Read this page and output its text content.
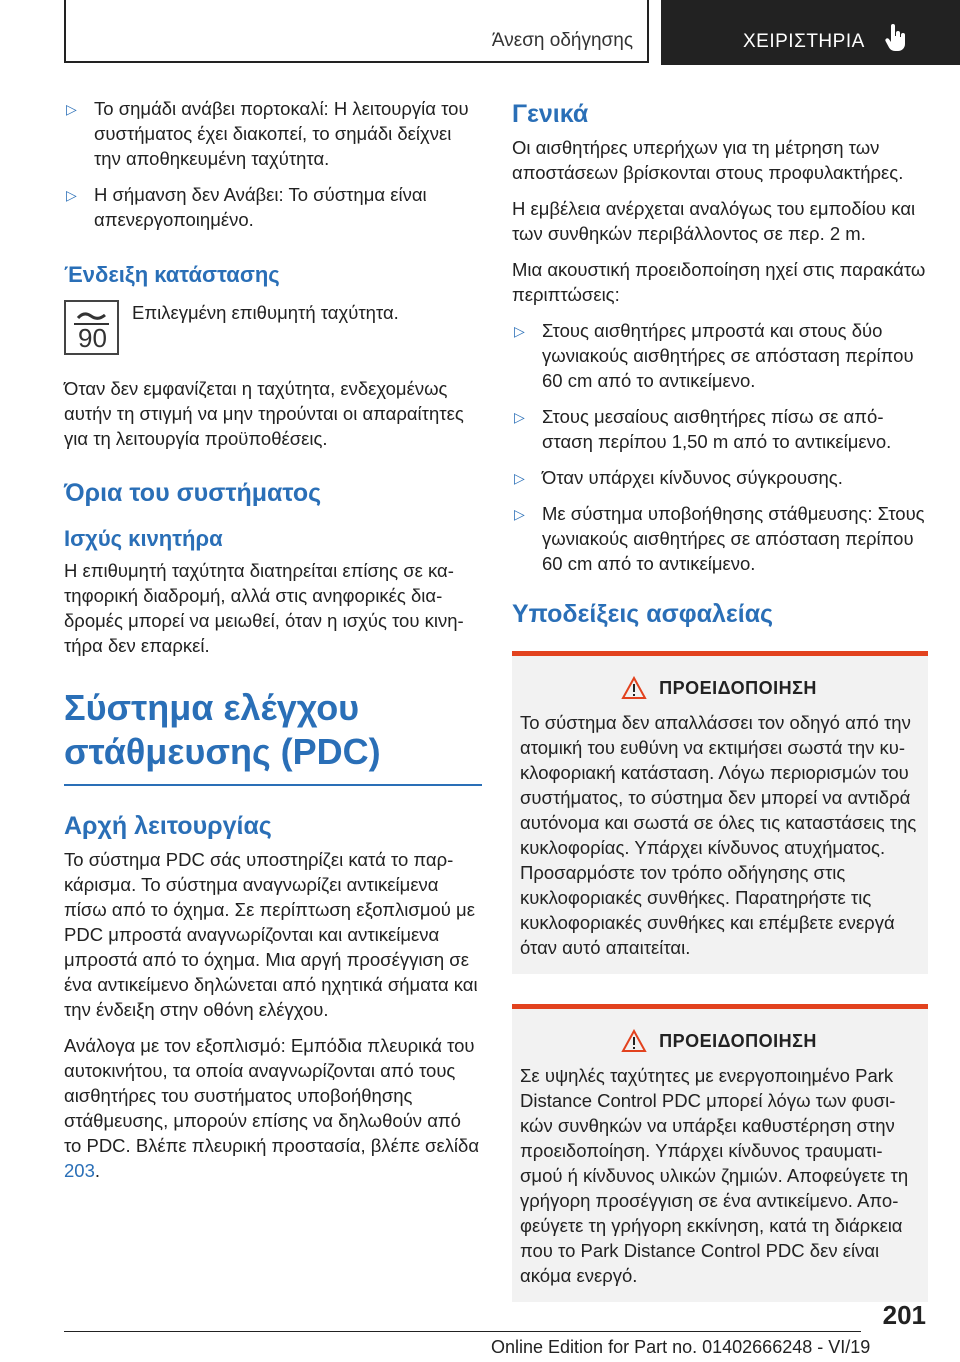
Άνεση οδήγησης	ΧΕΙΡΙΣΤΗΡΙΑ
▷ Το σημάδι ανάβει πορτοκαλί: Η λειτουργία του συστήματος έχει διακοπεί, το σημάδι δείχνει την αποθηκευμένη ταχύτητα.
▷ Η σήμανση δεν Ανάβει: Το σύστημα είναι απενεργοποιημένο.
Ένδειξη κατάστασης
90
Επιλεγμένη επιθυμητή ταχύτητα.

Όταν δεν εμφανίζεται η ταχύτητα, ενδεχομένως αυτήν τη στιγμή να μην τηρούνται οι απαραίτητες για τη λειτουργία προϋποθέσεις.

Όρια του συστήματος
Ισχύς κινητήρα

Η επιθυμητή ταχύτητα διατηρείται επίσης σε κατηφορική διαδρομή, αλλά στις ανηφορικές διαδρομές μπορεί να μειωθεί, όταν η ισχύς του κινητήρα δεν επαρκεί.

Σύστημα ελέγχου στάθμευσης (PDC)
Αρχή λειτουργίας

Το σύστημα PDC σάς υποστηρίζει κατά το παρκάρισμα. Το σύστημα αναγνωρίζει αντικείμενα πίσω από το όχημα. Σε περίπτωση εξοπλισμού με PDC μπροστά αναγνωρίζονται και αντικείμενα μπροστά από το όχημα. Μια αργή προσέγγιση σε ένα αντικείμενο δηλώνεται από ηχητικά σήματα και την ένδειξη στην οθόνη ελέγχου.

Ανάλογα με τον εξοπλισμό: Εμπόδια πλευρικά του αυτοκινήτου, τα οποία αναγνωρίζονται από τους αισθητήρες του συστήματος υποβοήθησης στάθμευσης, μπορούν επίσης να δηλωθούν από το PDC. Βλέπε πλευρική προστασία, βλέπε σελίδα 203.

Γενικά

Οι αισθητήρες υπερήχων για τη μέτρηση των αποστάσεων βρίσκονται στους προφυλακτήρες.

Η εμβέλεια ανέρχεται αναλόγως του εμποδίου και των συνθηκών περιβάλλοντος σε περ. 2 m.

Μια ακουστική προειδοποίηση ηχεί στις παρακάτω περιπτώσεις:

▷ Στους αισθητήρες μπροστά και στους δύο γωνιακούς αισθητήρες σε απόσταση περίπου 60 cm από το αντικείμενο.
▷ Στους μεσαίους αισθητήρες πίσω σε απόσταση περίπου 1,50 m από το αντικείμενο.
▷ Όταν υπάρχει κίνδυνος σύγκρουσης.
▷ Με σύστημα υποβοήθησης στάθμευσης: Στους γωνιακούς αισθητήρες σε απόσταση περίπου 60 cm από το αντικείμενο.
Υποδείξεις ασφαλείας
ΠΡΟΕΙΔΟΠΟΙΗΣΗ
Το σύστημα δεν απαλλάσσει τον οδηγό από την ατομική του ευθύνη να εκτιμήσει σωστά την κυκλοφοριακή κατάσταση. Λόγω περιορισμών του συστήματος, το σύστημα δεν μπορεί να αντιδρά αυτόνομα και σωστά σε όλες τις καταστάσεις της κυκλοφορίας. Υπάρχει κίνδυνος ατυχήματος. Προσαρμόστε τον τρόπο οδήγησης στις κυκλοφοριακές συνθήκες. Παρατηρήστε τις κυκλοφοριακές συνθήκες και επέμβετε ενεργά όταν αυτό απαιτείται.
ΠΡΟΕΙΔΟΠΟΙΗΣΗ
Σε υψηλές ταχύτητες με ενεργοποιημένο Park Distance Control PDC μπορεί λόγω των φυσικών συνθηκών να υπάρξει καθυστέρηση στην προειδοποίηση. Υπάρχει κίνδυνος τραυματισμού ή κίνδυνος υλικών ζημιών. Αποφεύγετε τη γρήγορη προσέγγιση σε ένα αντικείμενο. Αποφεύγετε τη γρήγορη εκκίνηση, κατά τη διάρκεια που το Park Distance Control PDC δεν είναι ακόμα ενεργό.
201
Online Edition for Part no. 01402666248 - VI/19
